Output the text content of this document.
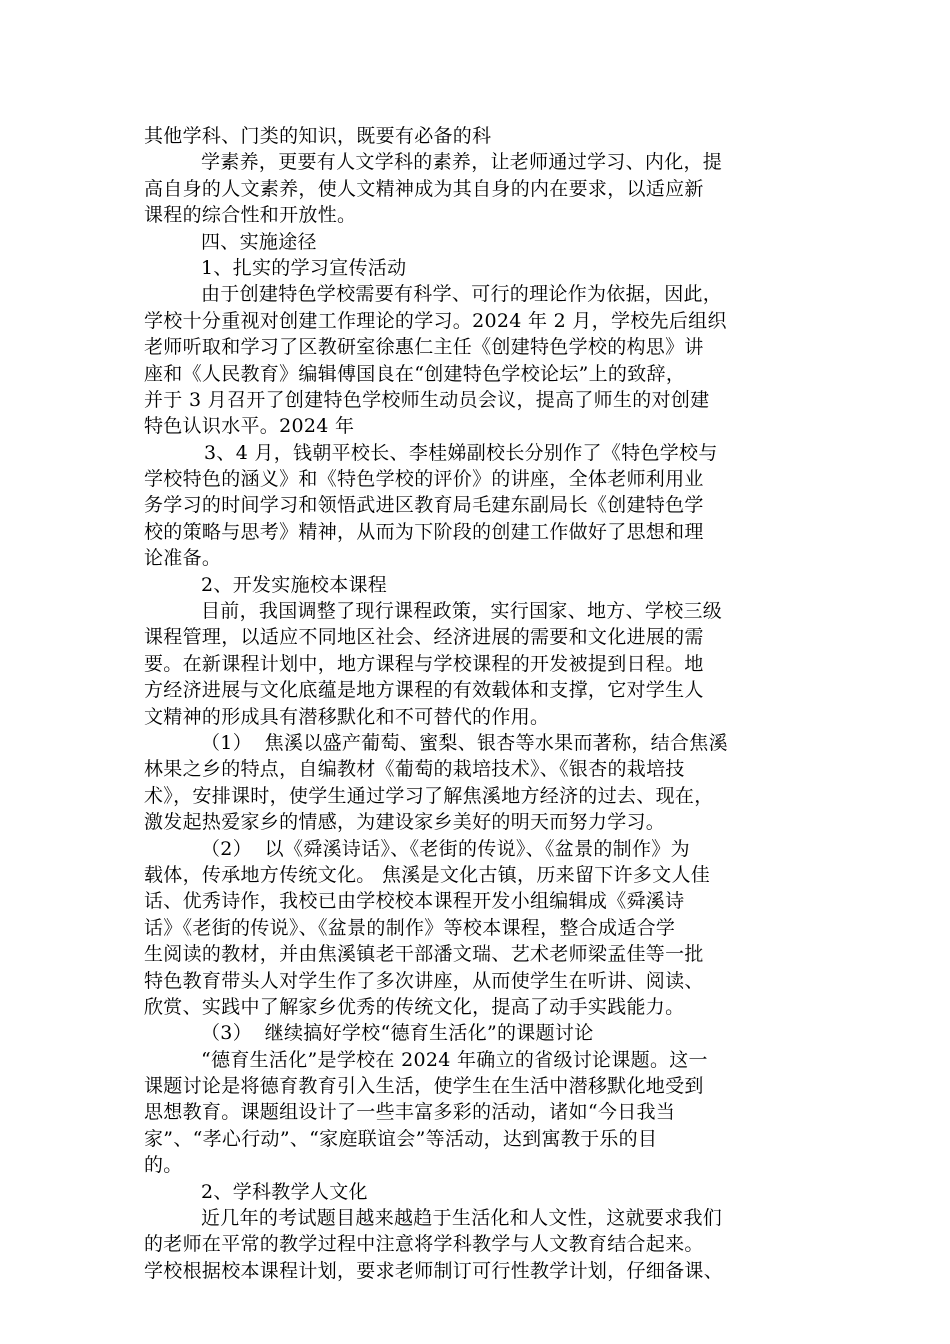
其他学科、门类的知识，既要有必备的科
学素养，更要有人文学科的素养，让老师通过学习、内化，提
高自身的人文素养，使人文精神成为其自身的内在要求，以适应新
课程的综合性和开放性。
四、实施途径
1、扎实的学习宣传活动
由于创建特色学校需要有科学、可行的理论作为依据，因此，
学校十分重视对创建工作理论的学习。2024 年 2 月，学校先后组织
老师听取和学习了区教研室徐惠仁主任《创建特色学校的构思》讲
座和《人民教育》编辑傅国良在“创建特色学校论坛”上的致辞，
并于 3 月召开了创建特色学校师生动员会议，提高了师生的对创建
特色认识水平。2024 年
3、4 月，钱朝平校长、李桂娣副校长分别作了《特色学校与
学校特色的涵义》和《特色学校的评价》的讲座，全体老师利用业
务学习的时间学习和领悟武进区教育局毛建东副局长《创建特色学
校的策略与思考》精神，从而为下阶段的创建工作做好了思想和理
论准备。
2、开发实施校本课程
目前，我国调整了现行课程政策，实行国家、地方、学校三级
课程管理，以适应不同地区社会、经济进展的需要和文化进展的需
要。在新课程计划中，地方课程与学校课程的开发被提到日程。地
方经济进展与文化底蕴是地方课程的有效载体和支撑，它对学生人
文精神的形成具有潜移默化和不可替代的作用。
（1）  焦溪以盛产葡萄、蜜梨、银杏等水果而著称，结合焦溪
林果之乡的特点，自编教材《葡萄的栽培技术》、《银杏的栽培技
术》，安排课时，使学生通过学习了解焦溪地方经济的过去、现在，
激发起热爱家乡的情感，为建设家乡美好的明天而努力学习。
（2）  以《舜溪诗话》、《老街的传说》、《盆景的制作》为
载体，传承地方传统文化。 焦溪是文化古镇，历来留下许多文人佳
话、优秀诗作，我校已由学校校本课程开发小组编辑成《舜溪诗
话》《老街的传说》、《盆景的制作》等校本课程，整合成适合学
生阅读的教材，并由焦溪镇老干部潘文瑞、艺术老师梁孟佳等一批
特色教育带头人对学生作了多次讲座，从而使学生在听讲、阅读、
欣赏、实践中了解家乡优秀的传统文化，提高了动手实践能力。
（3）  继续搞好学校“德育生活化”的课题讨论
“德育生活化”是学校在 2024 年确立的省级讨论课题。这一
课题讨论是将德育教育引入生活，使学生在生活中潜移默化地受到
思想教育。课题组设计了一些丰富多彩的活动，诸如“今日我当
家”、“孝心行动”、“家庭联谊会”等活动，达到寓教于乐的目
的。
2、学科教学人文化
近几年的考试题目越来越趋于生活化和人文性，这就要求我们
的老师在平常的教学过程中注意将学科教学与人文教育结合起来。
学校根据校本课程计划，要求老师制订可行性教学计划，仔细备课、
